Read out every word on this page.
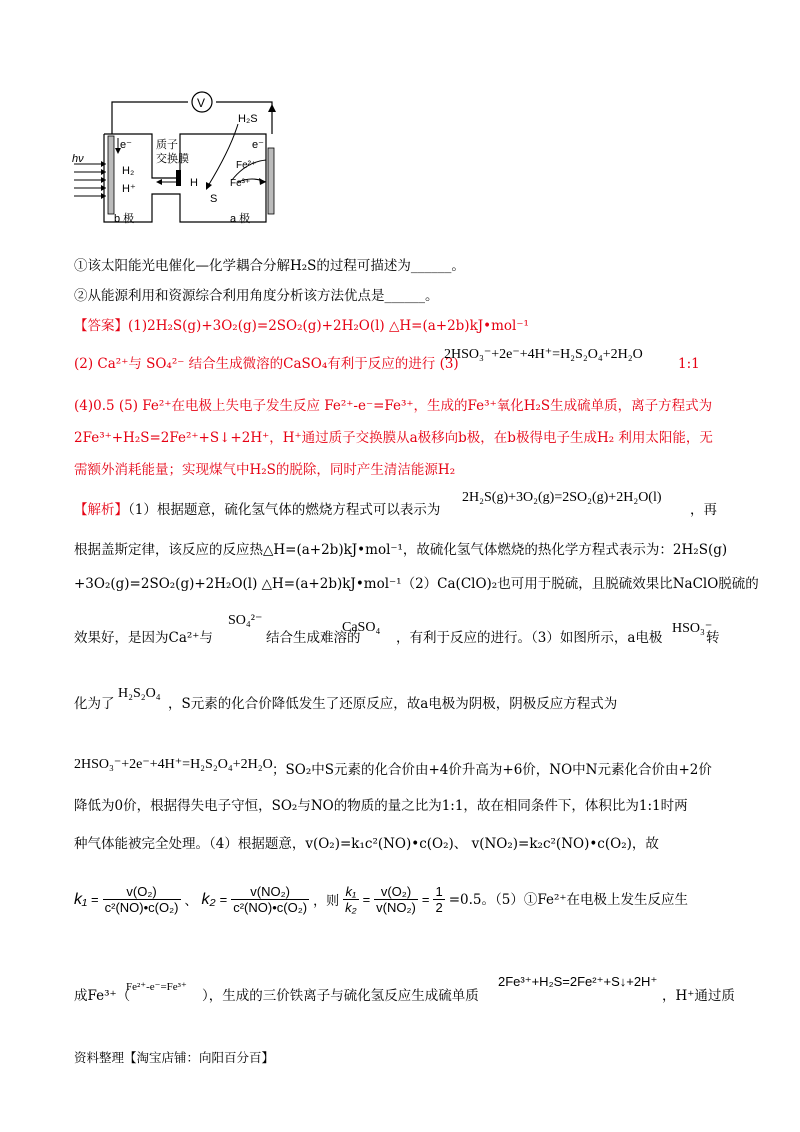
V
hν
e⁻ 质子
交换膜
H₂
H⁺	H
H₂S
e⁻
Fe²⁺
Fe³⁺
S
b 极	a 极
①该太阳能光电催化—化学耦合分解H₂S的过程可描述为______。
②从能源利用和资源综合利用角度分析该方法优点是______。
【答案】(1)2H₂S(g)+3O₂(g)=2SO₂(g)+2H₂O(l) △H=(a+2b)kJ•mol⁻¹
(2) Ca²⁺与 SO₄²⁻ 结合生成微溶的CaSO₄有利于反应的进行 (3)
2HSO₃⁻+2e⁻+4H⁺=H₂S₂O₄+2H₂O
1:1
(4)0.5 (5) Fe²⁺在电极上失电子发生反应 Fe²⁺-e⁻=Fe³⁺，生成的Fe³⁺氧化H₂S生成硫单质，离子方程式为
2Fe³⁺+H₂S=2Fe²⁺+S↓+2H⁺，H⁺通过质子交换膜从a极移向b极，在b极得电子生成H₂ 利用太阳能，无
需额外消耗能量；实现煤气中H₂S的脱除，同时产生清洁能源H₂
【解析】（1）根据题意，硫化氢气体的燃烧方程式可以表示为
2H₂S(g)+3O₂(g)=2SO₂(g)+2H₂O(l)
，再
根据盖斯定律，该反应的反应热△H=(a+2b)kJ•mol⁻¹，故硫化氢气体燃烧的热化学方程式表示为：2H₂S(g)
+3O₂(g)=2SO₂(g)+2H₂O(l) △H=(a+2b)kJ•mol⁻¹（2）Ca(ClO)₂也可用于脱硫，且脱硫效果比NaClO脱硫的
效果好，是因为Ca²⁺与
SO₄²⁻
结合生成难溶的
CaSO₄
，有利于反应的进行。（3）如图所示，a电极
HSO₃⁻
转
化为了
H₂S₂O₄
，S元素的化合价降低发生了还原反应，故a电极为阴极，阴极反应方程式为
2HSO₃⁻+2e⁻+4H⁺=H₂S₂O₄+2H₂O ；SO₂中S元素的化合价由+4价升高为+6价，NO中N元素化合价由+2价
降低为0价，根据得失电子守恒，SO₂与NO的物质的量之比为1:1，故在相同条件下，体积比为1:1时两
种气体能被完全处理。（4）根据题意，v(O₂)=k₁c²(NO)•c(O₂)、 v(NO₂)=k₂c²(NO)•c(O₂)，故
$k_1 = \frac{\text{v(O₂)}}{\text{c²(NO)•c(O₂)}}$ 、 $k_2 = \frac{\text{v(NO₂)}}{\text{c²(NO)•c(O₂)}}$ ，则 $\frac{\text{k₁}}{\text{k₂}} = \frac{\text{v(O₂)}}{\text{v(NO₂)}} = \frac{1}{2} =0.5$。（5）①Fe²⁺在电极上发生反应生
成Fe³⁺（
Fe²⁺-e⁻=Fe³⁺
），生成的三价铁离子与硫化氢反应生成硫单质
2Fe³⁺+H₂S=2Fe²⁺+S↓+2H⁺
，H⁺通过质
资料整理【淘宝店铺：向阳百分百】
